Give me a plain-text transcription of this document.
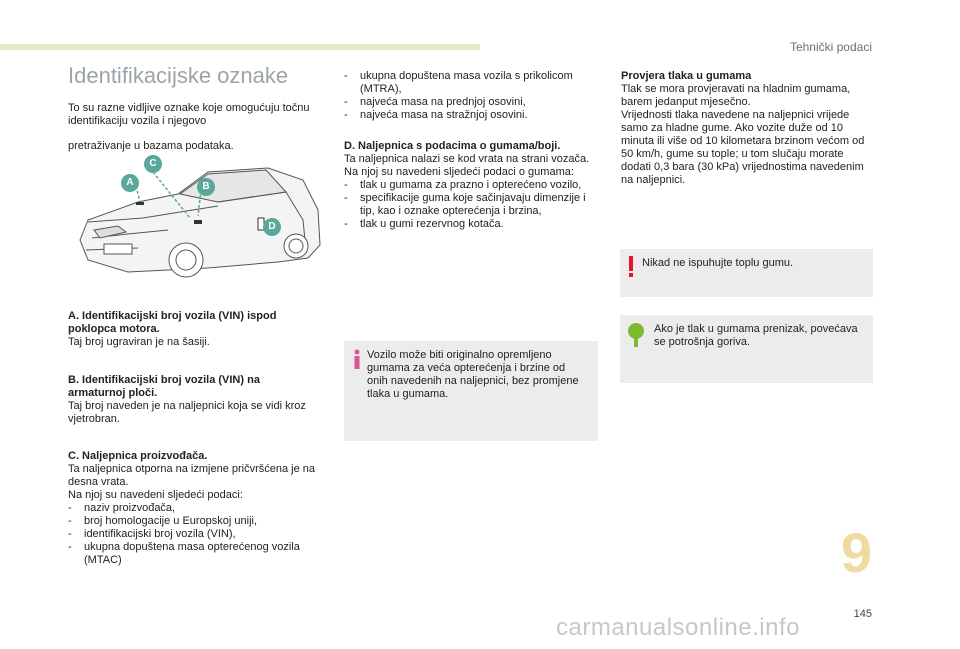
Tehnički podaci
Identifikacijske oznake

To su razne vidljive oznake koje omogućuju točnu identifikaciju vozila i njegovo

pretraživanje u bazama podataka.

A	B
C
D

A. Identifikacijski broj vozila (VIN) ispod poklopca motora.

Taj broj ugraviran je na šasiji.

B. Identifikacijski broj vozila (VIN) na armaturnoj ploči.

Taj broj naveden je na naljepnici koja se vidi kroz vjetrobran.

C. Naljepnica proizvođača.

Ta naljepnica otporna na izmjene pričvršćena je na desna vrata.

Na njoj su navedeni sljedeći podaci:

- naziv proizvođača,
- broj homologacije u Europskoj uniji,
- identifikacijski broj vozila (VIN),
- ukupna dopuštena masa opterećenog vozila (MTAC)
- ukupna dopuštena masa vozila s prikolicom (MTRA),
- najveća masa na prednjoj osovini,
- najveća masa na stražnjoj osovini.

D. Naljepnica s podacima o gumama/boji.

Ta naljepnica nalazi se kod vrata na strani vozača.

Na njoj su navedeni sljedeći podaci o gumama:

- tlak u gumama za prazno i opterećeno vozilo,
- specifikacije guma koje sačinjavaju dimenzije i tip, kao i oznake opterećenja i brzina,
- tlak u gumi rezervnog kotača.
Vozilo može biti originalno opremljeno gumama za veća opterećenja i brzine od onih navedenih na naljepnici, bez promjene tlaka u gumama.

Provjera tlaka u gumama

Tlak se mora provjeravati na hladnim gumama, barem jedanput mjesečno.

Vrijednosti tlaka navedene na naljepnici vrijede samo za hladne gume. Ako vozite duže od 10 minuta ili više od 10 kilometara brzinom većom od 50 km/h, gume su tople; u tom slučaju morate dodati 0,3 bara (30 kPa) vrijednostima navedenim na naljepnici.

Nikad ne ispuhujte toplu gumu.
Ako je tlak u gumama prenizak, povećava se potrošnja goriva.
9
145
carmanualsonline.info
